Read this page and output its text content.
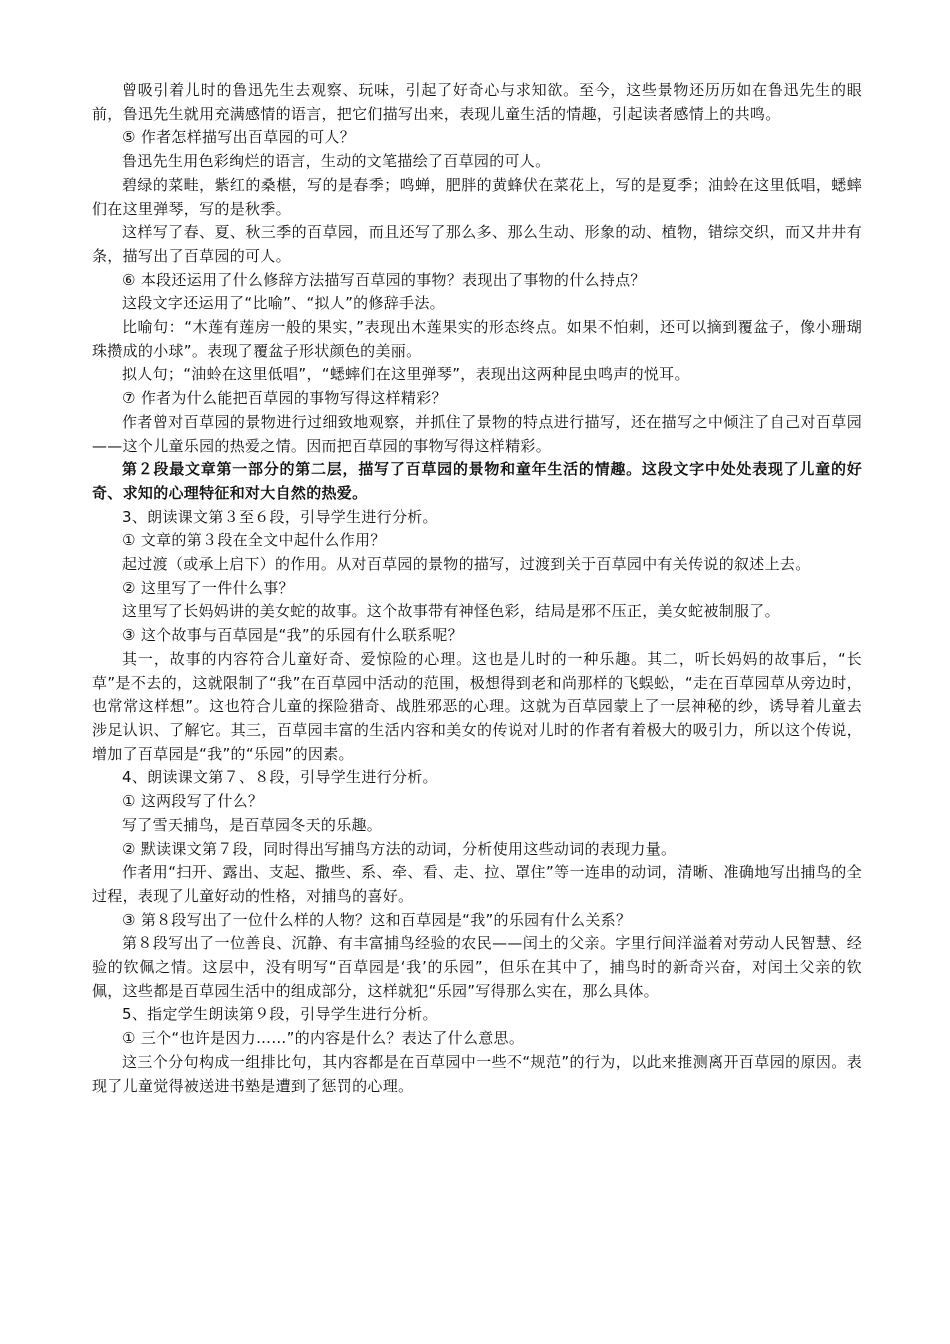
曾吸引着儿时的鲁迅先生去观察、玩味，引起了好奇心与求知欲。至今，这些景物还历历如在鲁迅先生的眼前，鲁迅先生就用充满感情的语言，把它们描写出来，表现儿童生活的情趣，引起读者感情上的共鸣。

⑤ 作者怎样描写出百草园的可人？

鲁迅先生用色彩绚烂的语言，生动的文笔描绘了百草园的可人。

碧绿的菜畦，紫红的桑椹，写的是春季；鸣蝉，肥胖的黄蜂伏在菜花上，写的是夏季；油蛉在这里低唱，蟋蟀们在这里弹琴，写的是秋季。

这样写了春、夏、秋三季的百草园，而且还写了那么多、那么生动、形象的动、植物，错综交织，而又井井有条，描写出了百草园的可人。

⑥ 本段还运用了什么修辞方法描写百草园的事物？表现出了事物的什么持点？

这段文字还运用了“比喻”、“拟人”的修辞手法。

比喻句：“木莲有莲房一般的果实，”表现出木莲果实的形态终点。如果不怕刺，还可以摘到覆盆子，像小珊瑚珠攒成的小球”。表现了覆盆子形状颜色的美丽。

拟人句；“油蛉在这里低唱”，“蟋蟀们在这里弹琴”，表现出这两种昆虫鸣声的悦耳。

⑦ 作者为什么能把百草园的事物写得这样精彩？

作者曾对百草园的景物进行过细致地观察，并抓住了景物的特点进行描写，还在描写之中倾注了自己对百草园——这个儿童乐园的热爱之情。因而把百草园的事物写得这样精彩。

第２段最文章第一部分的第二层，描写了百草园的景物和童年生活的情趣。这段文字中处处表现了儿童的好奇、求知的心理特征和对大自然的热爱。

3、朗读课文第３至６段，引导学生进行分析。

① 文章的第３段在全文中起什么作用？

起过渡（或承上启下）的作用。从对百草园的景物的描写，过渡到关于百草园中有关传说的叙述上去。

② 这里写了一件什么事？

这里写了长妈妈讲的美女蛇的故事。这个故事带有神怪色彩，结局是邪不压正，美女蛇被制服了。

③ 这个故事与百草园是“我”的乐园有什么联系呢？

其一，故事的内容符合儿童好奇、爱惊险的心理。这也是儿时的一种乐趣。其二，听长妈妈的故事后，“长草”是不去的，这就限制了“我”在百草园中活动的范围，极想得到老和尚那样的飞蜈蚣，“走在百草园草从旁边时，也常常这样想”。这也符合儿童的探险猎奇、战胜邪恶的心理。这就为百草园蒙上了一层神秘的纱，诱导着儿童去涉足认识、了解它。其三，百草园丰富的生活内容和美女的传说对儿时的作者有着极大的吸引力，所以这个传说，增加了百草园是“我”的“乐园”的因素。

4、朗读课文第７、８段，引导学生进行分析。

① 这两段写了什么？

写了雪天捕鸟，是百草园冬天的乐趣。

② 默读课文第７段，同时得出写捕鸟方法的动词，分析使用这些动词的表现力量。

作者用“扫开、露出、支起、撒些、系、牵、看、走、拉、罩住”等一连串的动词，清晰、准确地写出捕鸟的全过程，表现了儿童好动的性格，对捕鸟的喜好。

③ 第８段写出了一位什么样的人物？这和百草园是“我”的乐园有什么关系？

第８段写出了一位善良、沉静、有丰富捕鸟经验的农民——闰土的父亲。字里行间洋溢着对劳动人民智慧、经验的钦佩之情。这层中，没有明写“百草园是‘我’的乐园”，但乐在其中了，捕鸟时的新奇兴奋，对闰土父亲的钦佩，这些都是百草园生活中的组成部分，这样就犯“乐园”写得那么实在，那么具体。

5、指定学生朗读第９段，引导学生进行分析。

① 三个“也许是因力……”的内容是什么？表达了什么意思。

这三个分句构成一组排比句，其内容都是在百草园中一些不“规范”的行为，以此来推测离开百草园的原因。表现了儿童觉得被送进书塾是遭到了惩罚的心理。
